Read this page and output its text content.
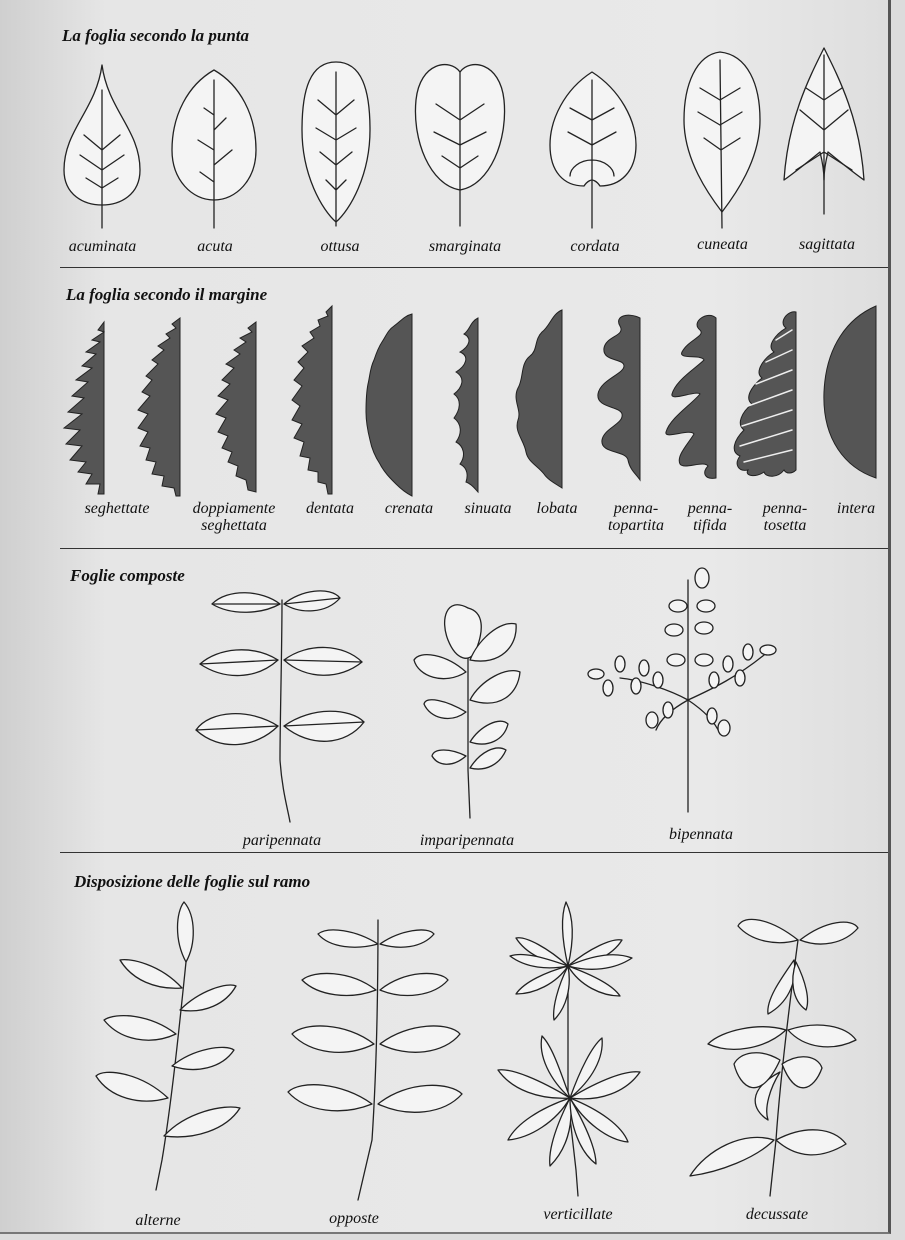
La foglia secondo la punta
acuminata	acuta	ottusa	smarginata	cordata	cuneata	sagittata
La foglia secondo il margine
seghettate	doppiamente
seghettata
dentata	crenata	sinuata	lobata	penna-
topartita
penna-
tifida
penna-
tosetta
intera
Foglie composte
paripennata	imparipennata	bipennata
Disposizione delle foglie sul ramo
alterne	opposte	verticillate	decussate
